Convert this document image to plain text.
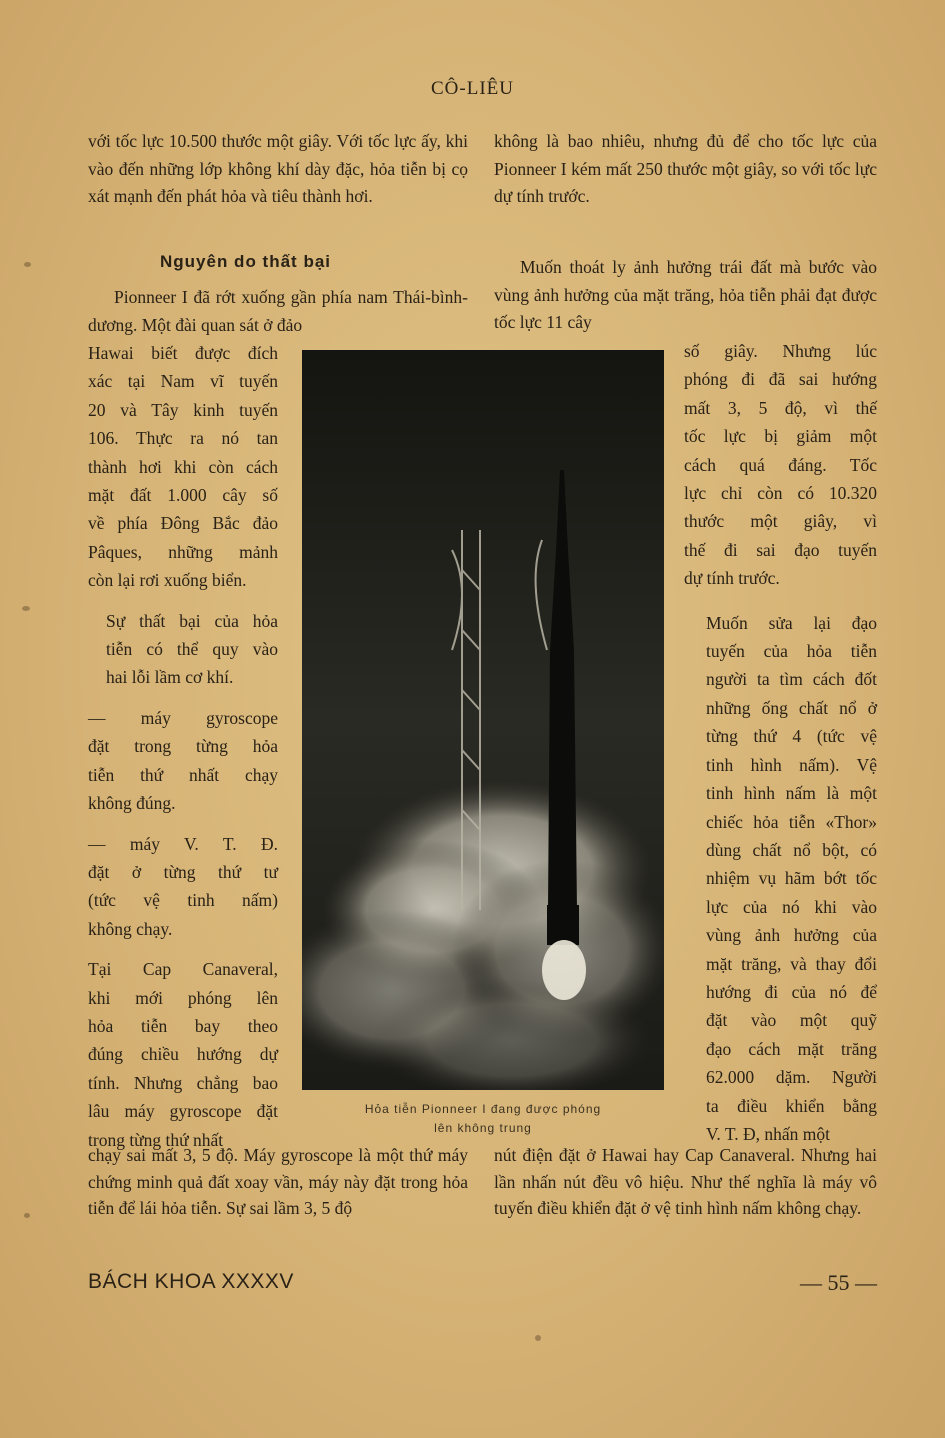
CÔ-LIÊU

với tốc lực 10.500 thước một giây. Với tốc lực ấy, khi vào đến những lớp không khí dày đặc, hỏa tiễn bị cọ xát mạnh đến phát hỏa và tiêu thành hơi.

Nguyên do thất bại

Pionneer I đã rớt xuống gần phía nam Thái-bình-dương. Một đài quan sát ở đảo

không là bao nhiêu, nhưng đủ để cho tốc lực của Pionneer I kém mất 250 thước một giây, so với tốc lực dự tính trước.

Muốn thoát ly ảnh hưởng trái đất mà bước vào vùng ảnh hưởng của mặt trăng, hỏa tiễn phải đạt được tốc lực 11 cây

Hawai biết được đích
xác tại Nam vĩ tuyến
20 và Tây kinh tuyến
106. Thực ra nó tan
thành hơi khi còn cách
mặt đất 1.000 cây số
về phía Đông Bắc đảo
Pâques, những mảnh
còn lại rơi xuống biển.
Sự thất bại của hỏa
tiễn có thể quy vào
hai lỗi lầm cơ khí.
— máy gyroscope
đặt trong từng hỏa
tiễn thứ nhất chạy
không đúng.
— máy V. T. Đ.
đặt ở từng thứ tư
(tức vệ tinh nấm)
không chạy.
Tại Cap Canaveral,
khi mới phóng lên
hỏa tiễn bay theo
đúng chiều hướng dự
tính. Nhưng chẳng bao
lâu máy gyroscope đặt
trong từng thứ nhất
Hỏa tiễn Pionneer I đang được phóng
lên không trung
số giây. Nhưng lúc
phóng đi đã sai hướng
mất 3, 5 độ, vì thế
tốc lực bị giảm một
cách quá đáng. Tốc
lực chỉ còn có 10.320
thước một giây, vì
thế đi sai đạo tuyến
dự tính trước.
Muốn sửa lại đạo
tuyến của hỏa tiễn
người ta tìm cách đốt
những ống chất nổ ở
từng thứ 4 (tức vệ
tinh hình nấm). Vệ
tinh hình nấm là một
chiếc hỏa tiễn «Thor»
dùng chất nổ bột, có
nhiệm vụ hãm bớt tốc
lực của nó khi vào
vùng ảnh hưởng của
mặt trăng, và thay đổi
hướng đi của nó để
đặt vào một quỹ
đạo cách mặt trăng
62.000 dặm. Người
ta điều khiển bằng
V. T. Đ, nhấn một

chạy sai mất 3, 5 độ. Máy gyroscope là một thứ máy chứng minh quả đất xoay vần, máy này đặt trong hỏa tiễn để lái hỏa tiễn. Sự sai lầm 3, 5 độ

nút điện đặt ở Hawai hay Cap Canaveral. Nhưng hai lần nhấn nút đều vô hiệu. Như thế nghĩa là máy vô tuyến điều khiển đặt ở vệ tinh hình nấm không chạy.

BÁCH KHOA XXXXV	— 55 —
